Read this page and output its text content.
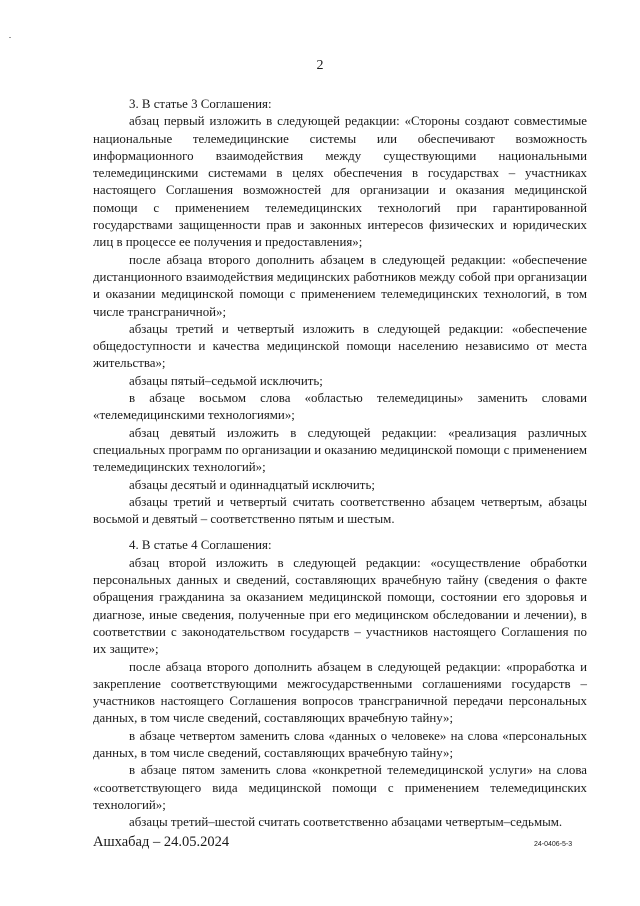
2

3. В статье 3 Соглашения:

абзац первый изложить в следующей редакции: «Стороны создают совместимые национальные телемедицинские системы или обеспечивают возможность информационного взаимодействия между существующими национальными телемедицинскими системами в целях обеспечения в государствах – участниках настоящего Соглашения возможностей для организации и оказания медицинской помощи с применением телемедицинских технологий при гарантированной государствами защищенности прав и законных интересов физических и юридических лиц в процессе ее получения и предоставления»;

после абзаца второго дополнить абзацем в следующей редакции: «обеспечение дистанционного взаимодействия медицинских работников между собой при организации и оказании медицинской помощи с применением телемедицинских технологий, в том числе трансграничной»;

абзацы третий и четвертый изложить в следующей редакции: «обеспечение общедоступности и качества медицинской помощи населению независимо от места жительства»;

абзацы пятый–седьмой исключить;

в абзаце восьмом слова «областью телемедицины» заменить словами «телемедицинскими технологиями»;

абзац девятый изложить в следующей редакции: «реализация различных специальных программ по организации и оказанию медицинской помощи с применением телемедицинских технологий»;

абзацы десятый и одиннадцатый исключить;

абзацы третий и четвертый считать соответственно абзацем четвертым, абзацы восьмой и девятый – соответственно пятым и шестым.

4. В статье 4 Соглашения:

абзац второй изложить в следующей редакции: «осуществление обработки персональных данных и сведений, составляющих врачебную тайну (сведения о факте обращения гражданина за оказанием медицинской помощи, состоянии его здоровья и диагнозе, иные сведения, полученные при его медицинском обследовании и лечении), в соответствии с законодательством государств – участников настоящего Соглашения по их защите»;

после абзаца второго дополнить абзацем в следующей редакции: «проработка и закрепление соответствующими межгосударственными соглашениями государств – участников настоящего Соглашения вопросов трансграничной передачи персональных данных, в том числе сведений, составляющих врачебную тайну»;

в абзаце четвертом заменить слова «данных о человеке» на слова «персональных данных, в том числе сведений, составляющих врачебную тайну»;

в абзаце пятом заменить слова «конкретной телемедицинской услуги» на слова «соответствующего вида медицинской помощи с применением телемедицинских технологий»;

абзацы третий–шестой считать соответственно абзацами четвертым–седьмым.

Ашхабад – 24.05.2024	24-0406-5-3
